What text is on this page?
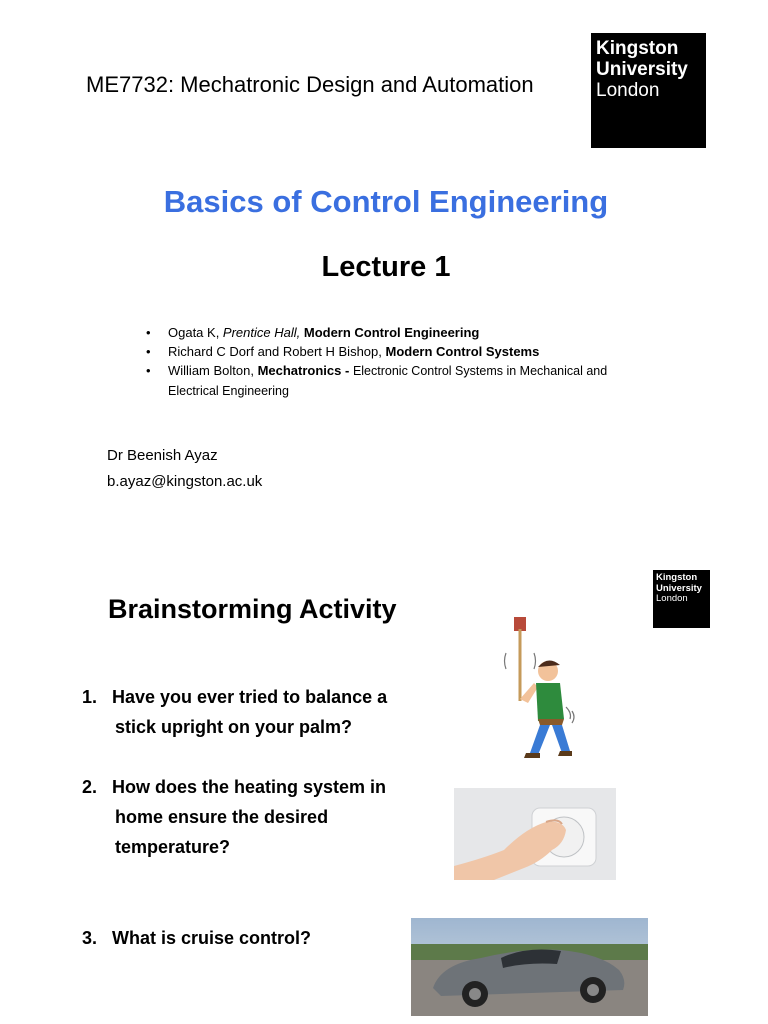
ME7732: Mechatronic Design and Automation
Kingston
University
London
Basics of Control Engineering
Lecture 1
• Ogata K, Prentice Hall, Modern Control Engineering
• Richard C Dorf and Robert H Bishop, Modern Control Systems
• William Bolton, Mechatronics - Electronic Control Systems in Mechanical and Electrical Engineering
Dr Beenish Ayaz
b.ayaz@kingston.ac.uk
Kingston
University
London
Brainstorming Activity
1. Have you ever tried to balance a
stick upright on your palm?
2. How does the heating system in
home ensure the desired
temperature?
3. What is cruise control?
